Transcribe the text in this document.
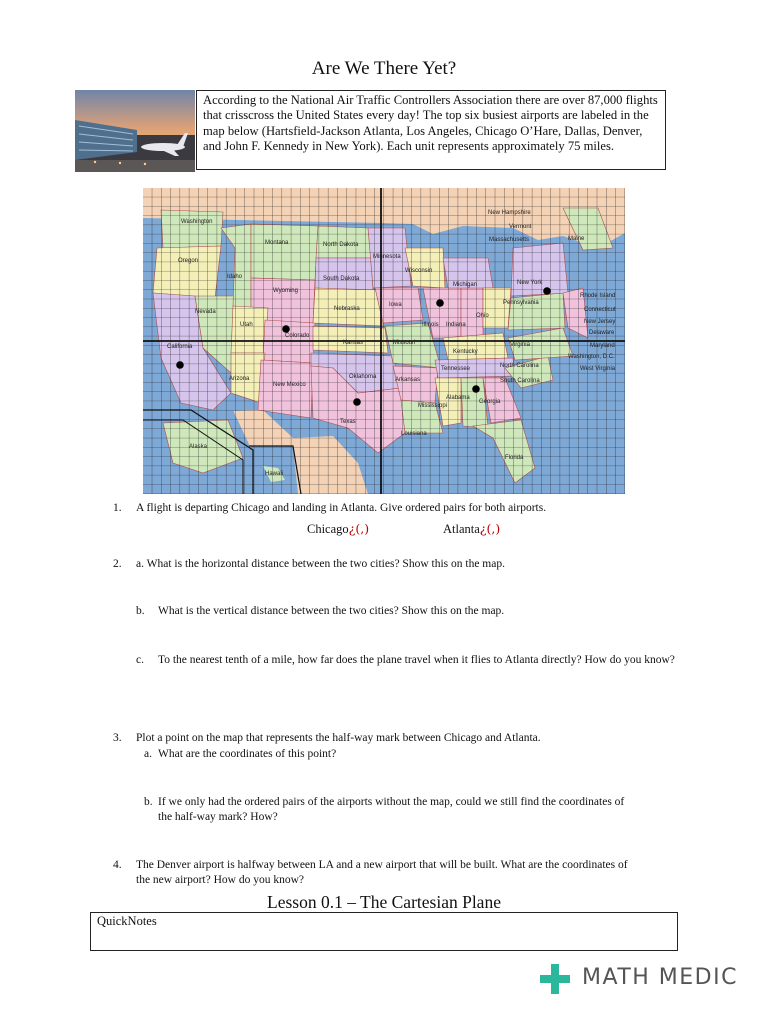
Are We There Yet?
According to the National Air Traffic Controllers Association there are over 87,000 flights that crisscross the United States every day! The top six busiest airports are labeled in the map below (Hartsfield-Jackson Atlanta, Los Angeles, Chicago O’Hare, Dallas, Denver, and John F. Kennedy in New York). Each unit represents approximately 75 miles.
Washington
Oregon
California
Idaho
Nevada
Montana
Wyoming
Utah
Arizona
Colorado
New Mexico
North Dakota
South Dakota
Nebraska
Kansas
Oklahoma
Texas
Minnesota
Iowa
Missouri
Arkansas
Louisiana
Wisconsin
Illinois Indiana
Michigan
Ohio
Kentucky
Tennessee
Mississippi
Alabama
Georgia
Florida
South Carolina
North Carolina
Virginia
West Virginia
Pennsylvania
New York
Vermont
New Hampshire
Maine
Massachusetts
Rhode Island
Connecticut
New Jersey
Delaware
Maryland
Washington, D.C.
Alaska
Hawaii
1. A flight is departing Chicago and landing in Atlanta. Give ordered pairs for both airports.
Chicago¿(,)	Atlanta¿(,)
2. a. What is the horizontal distance between the two cities? Show this on the map.
b. What is the vertical distance between the two cities? Show this on the map.
c. To the nearest tenth of a mile, how far does the plane travel when it flies to Atlanta directly? How do you know?
3. Plot a point on the map that represents the half-way mark between Chicago and Atlanta.
a. What are the coordinates of this point?
b. If we only had the ordered pairs of the airports without the map, could we still find the coordinates of the half-way mark? How?
4. The Denver airport is halfway between LA and a new airport that will be built. What are the coordinates of the new airport? How do you know?
Lesson 0.1 – The Cartesian Plane
QuickNotes
MATH MEDIC
